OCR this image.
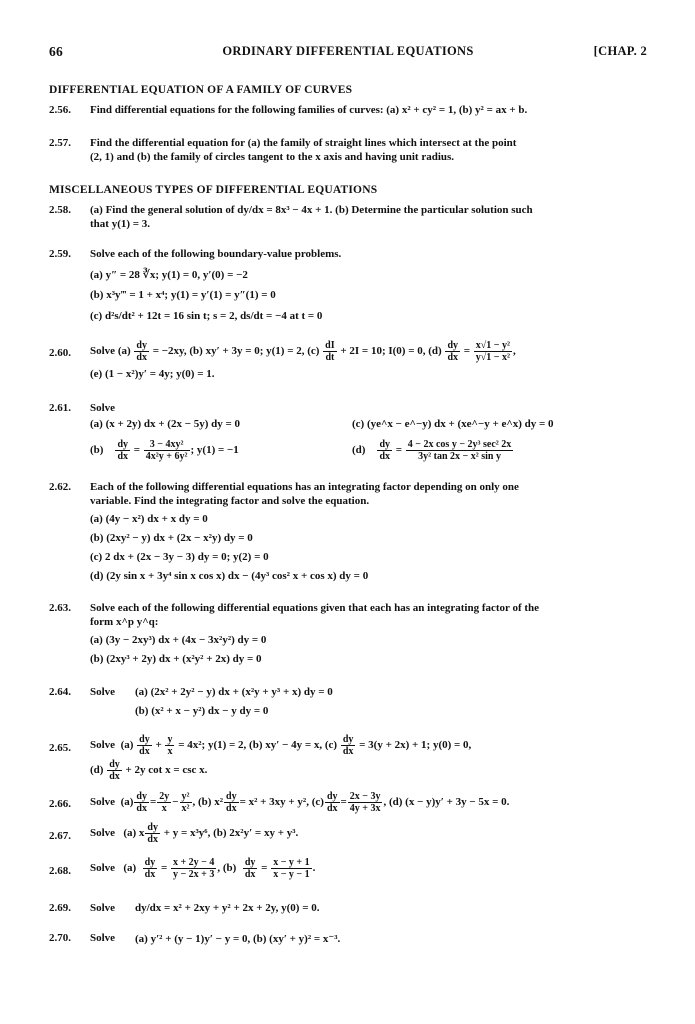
66	ORDINARY DIFFERENTIAL EQUATIONS	[CHAP. 2
DIFFERENTIAL EQUATION OF A FAMILY OF CURVES
2.56. Find differential equations for the following families of curves: (a) x² + cy² = 1, (b) y² = ax + b.
2.57. Find the differential equation for (a) the family of straight lines which intersect at the point
(2, 1) and (b) the family of circles tangent to the x axis and having unit radius.
MISCELLANEOUS TYPES OF DIFFERENTIAL EQUATIONS
2.58. (a) Find the general solution of dy/dx = 8x³ − 4x + 1. (b) Determine the particular solution such
that y(1) = 3.
2.59. Solve each of the following boundary-value problems.
(a) y″ = 28 ∛x; y(1) = 0, y′(0) = −2
(b) x³y‴ = 1 + x⁴; y(1) = y′(1) = y″(1) = 0
(c) d²s/dt² + 12t = 16 sin t; s = 2, ds/dt = −4 at t = 0
2.60. Solve $(a) \frac{dy}{dx} = -2xy$, (b) xy′ + 3y = 0; y(1) = 2, $(c) \frac{dI}{dt} + 2I = 10$; I(0) = 0, $(d) \frac{dy}{dx} = \frac{\text{x√1 − y²}}{\text{y√1 − x²}}$ ,
(e) (1 − x²)y′ = 4y; y(0) = 1.
2.61. Solve
(a) (x + 2y) dx + (2x − 5y) dy = 0	(c) (ye^x − e^−y) dx + (xe^−y + e^x) dy = 0
$(b) \frac{dy}{dx} = \frac{\text{3 − 4xy²}}{\text{4x²y + 6y²}}$ ; y(1) = −1	$(d) \frac{dy}{dx} = \frac{\text{4 − 2x cos y − 2y³ sec² 2x}}{\text{3y² tan 2x − x² sin y}}$
2.62. Each of the following differential equations has an integrating factor depending on only one
variable. Find the integrating factor and solve the equation.
(a) (4y − x²) dx + x dy = 0
(b) (2xy² − y) dx + (2x − x²y) dy = 0
(c) 2 dx + (2x − 3y − 3) dy = 0; y(2) = 0
(d) (2y sin x + 3y⁴ sin x cos x) dx − (4y³ cos² x + cos x) dy = 0
2.63. Solve each of the following differential equations given that each has an integrating factor of the
form x^p y^q:
(a) (3y − 2xy³) dx + (4x − 3x²y²) dy = 0
(b) (2xy³ + 2y) dx + (x²y² + 2x) dy = 0
2.64. Solve (a) (2x² + 2y² − y) dx + (x²y + y³ + x) dy = 0
(b) (x² + x − y²) dx − y dy = 0
2.65. Solve $(a) \frac{dy}{dx} + \frac{y}{x} = 4x^2$; y(1) = 2, (b) xy′ − 4y = x, $(c) \frac{dy}{dx} = 3(y + 2x) + 1$; y(0) = 0,
$(d) \frac{dy}{dx} + 2y$ cot x = csc x.
2.66. Solve $(a) \frac{dy}{dx} = \frac{2y}{x} - \frac{\text{y²}}{\text{x²}}$ , (b) $x^2 \frac{dy}{dx} = x^2 + 3xy + y^2$, $(c) \frac{dy}{dx} = \frac{2x - 3y}{4y + 3x}$ , (d) (x − y)y′ + 3y − 5x = 0.
2.67. Solve (a) x $\frac{dy}{dx} + y = x^3y^6$, (b) 2x²y′ = xy + y³.
2.68. Solve $(a) \frac{dy}{dx} = \frac{x + 2y - 4}{y - 2x + 3}$ , $(b) \frac{dy}{dx} = \frac{x - y + 1}{x - y - 1}$ .
2.69. Solve dy/dx = x² + 2xy + y² + 2x + 2y, y(0) = 0.
2.70. Solve (a) y′² + (y − 1)y′ − y = 0, (b) (xy′ + y)² = x⁻³.
